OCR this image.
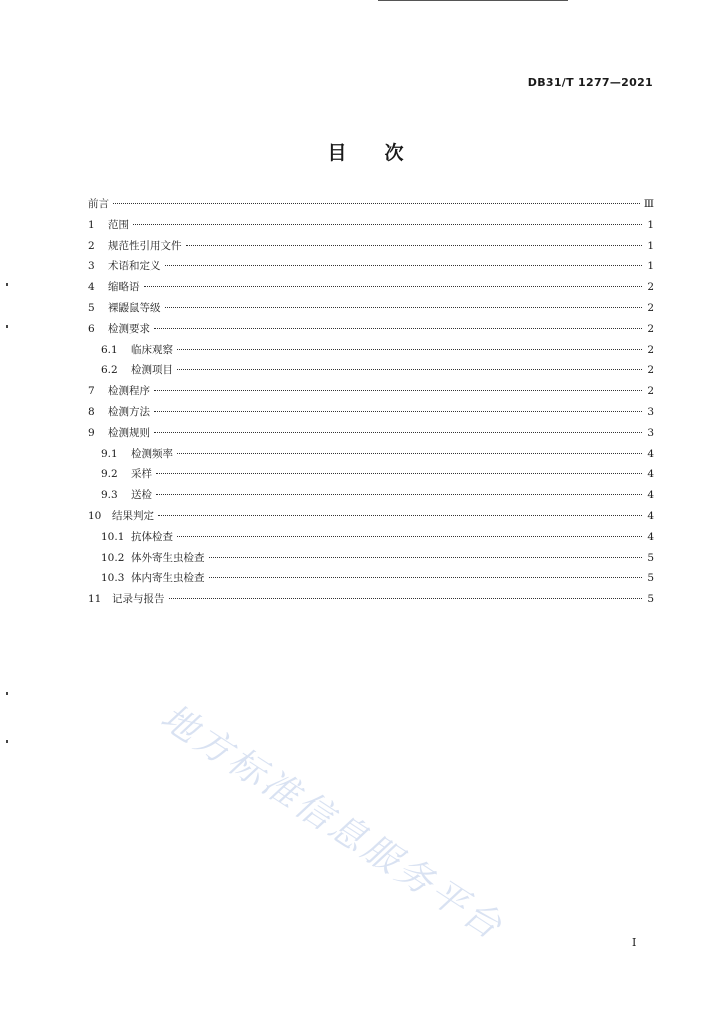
DB31/T 1277—2021
目次
前言	Ⅲ
1	范围	1
2	规范性引用文件	1
3	术语和定义	1
4	缩略语	2
5	裸鼹鼠等级	2
6	检测要求	2
6.1	临床观察	2
6.2	检测项目	2
7	检测程序	2
8	检测方法	3
9	检测规则	3
9.1	检测频率	4
9.2	采样	4
9.3	送检	4
10	结果判定	4
10.1 抗体检查	4
10.2 体外寄生虫检查	5
10.3 体内寄生虫检查	5
11	记录与报告	5
地方标准信息服务平台	I
